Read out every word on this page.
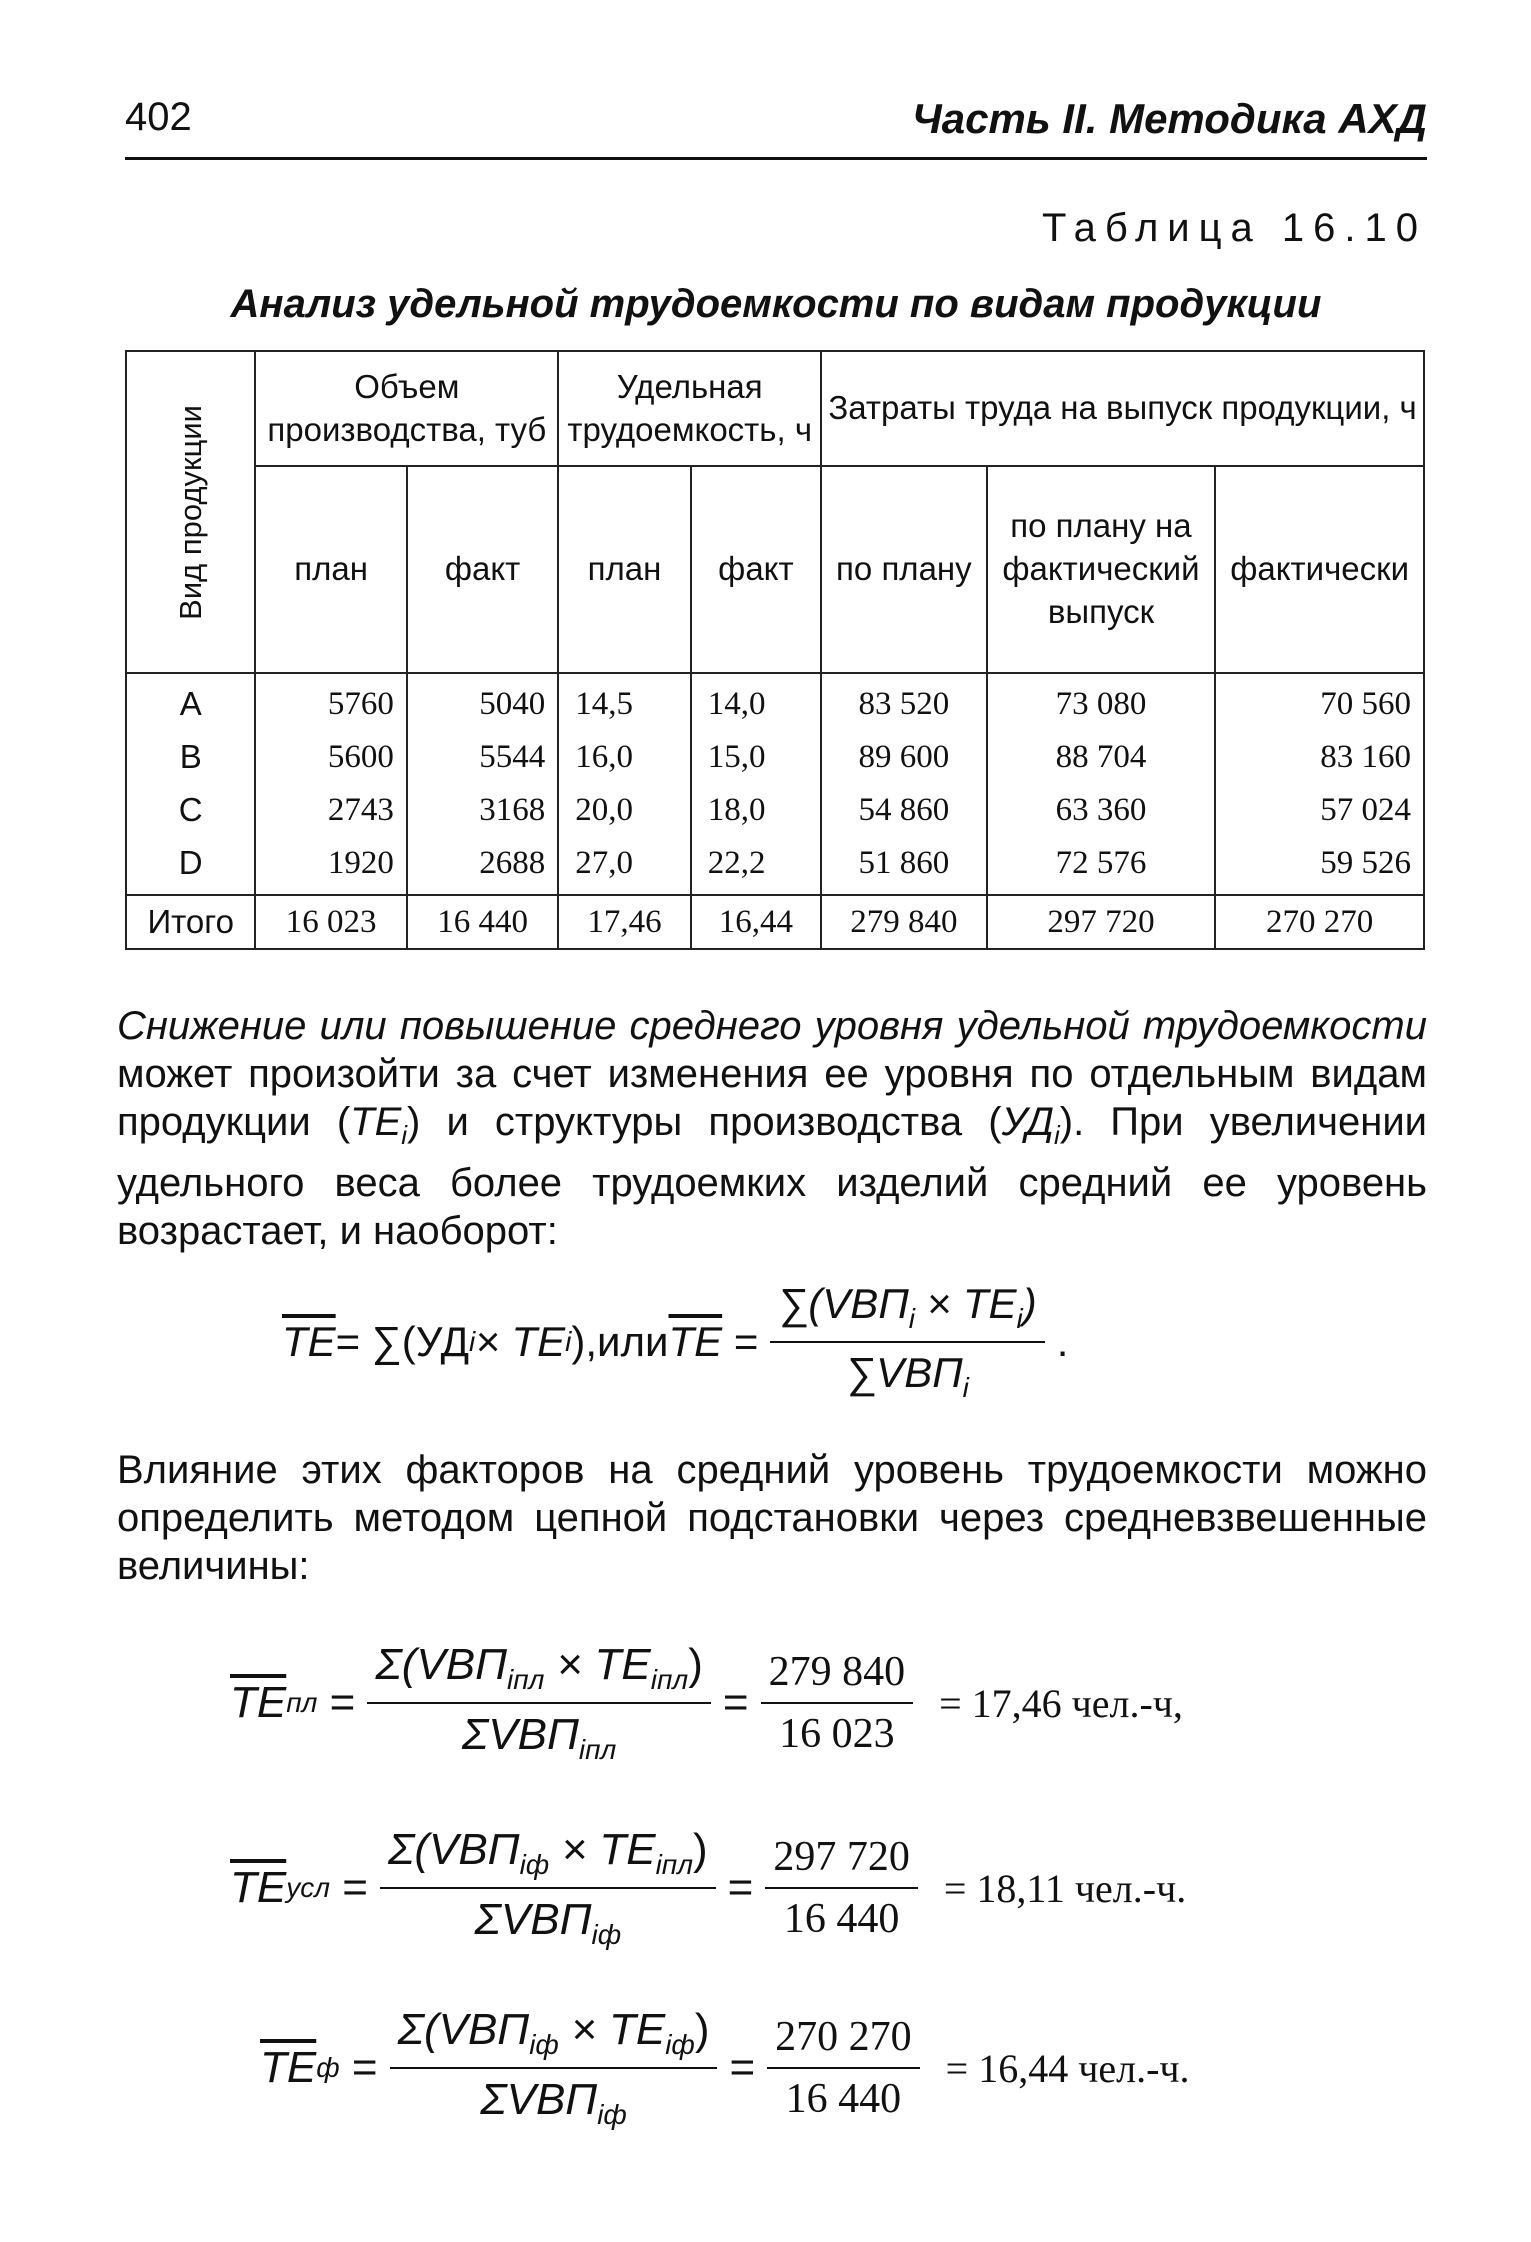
402	Часть II. Методика АХД
Таблица 16.10
Анализ удельной трудоемкости по видам продукции
Вид продукции	Объем производства, туб		Удельная трудоемкость, ч		Затраты труда на выпуск продукции, ч		
	план	факт	план	факт	по плану	по плану на фактический выпуск	фактически
A	5760	5040	14,5	14,0	83 520	73 080	70 560
B	5600	5544	16,0	15,0	89 600	88 704	83 160
C	2743	3168	20,0	18,0	54 860	63 360	57 024
D	1920	2688	27,0	22,2	51 860	72 576	59 526
Итого	16 023	16 440	17,46	16,44	279 840	297 720	270 270
Снижение или повышение среднего уровня удельной трудоемкости может произойти за счет изменения ее уровня по отдельным видам продукции $(ТЕ_i)$ и структуры производства $(УД_i)$. При увеличении удельного веса более трудоемких изделий средний ее уровень возрастает, и наоборот:
$\overline{TE} = \sum(УД$ i × TE i ), или $\overline{TE} = \frac{\sum(VBП_i \times TE_i)}{\sum VBП_i}$ .
Влияние этих факторов на средний уровень трудоемкости можно определить методом цепной подстановки через средневзвешенные величины:
$\overline{TE}$ пл = $\frac{\Sigma(VBП_{iпл} \times TE_{iпл})}{\Sigma VBП_{iпл}} = \frac{279 840}{16 023} = 17,46$ чел.-ч,
$\overline{TE}$ усл = $\frac{\Sigma(VBП_{iф} \times TE_{iпл})}{\Sigma VBП_{iф}} = \frac{297 720}{16 440} = 18,11$ чел.-ч.
$\overline{TE}$ $ф = \frac{\Sigma(VBП_{iф} \times TE_{iф})}{\Sigma VBП_{iф}} = \frac{270 270}{16 440} = 16,44$ чел.-ч.
